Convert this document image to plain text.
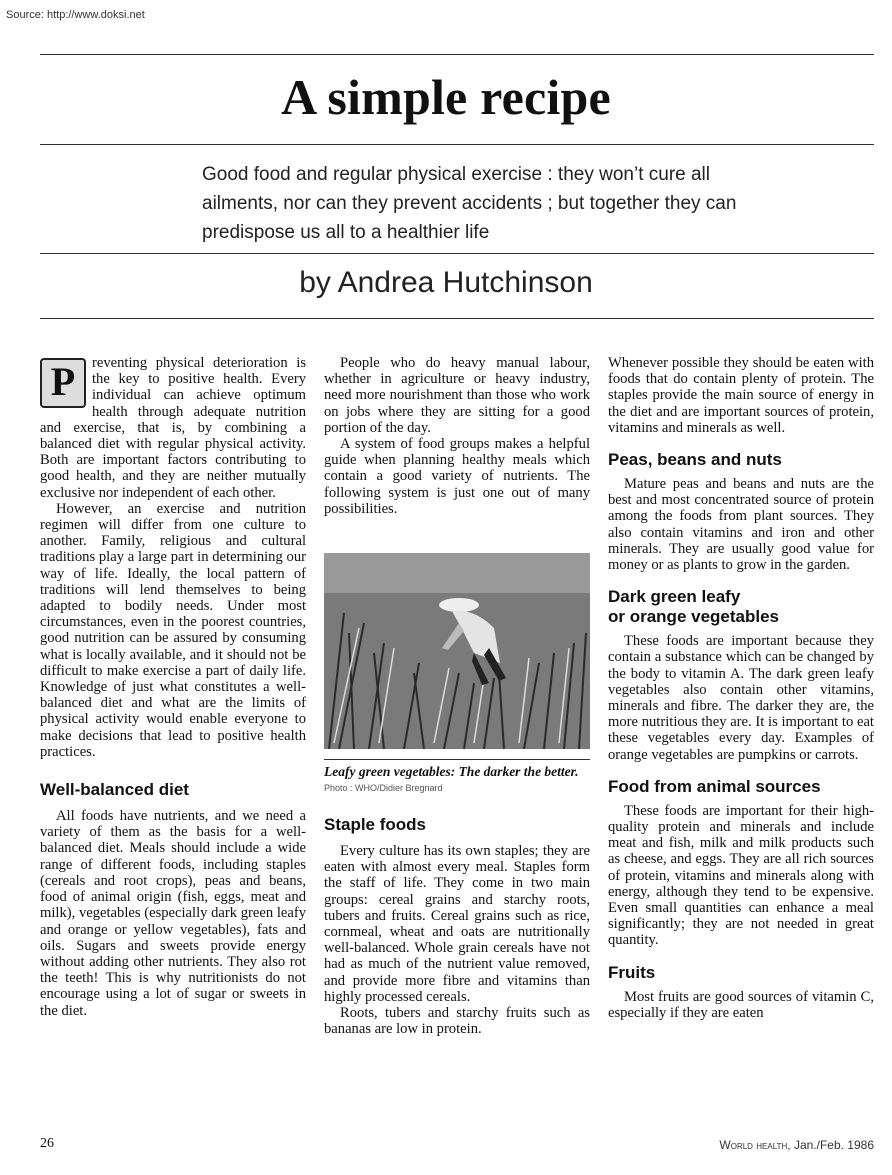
Source: http://www.doksi.net
A simple recipe
Good food and regular physical exercise : they won’t cure all ailments, nor can they prevent accidents ; but together they can predispose us all to a healthier life
by Andrea Hutchinson

P	reventing physical deterioration is the key to positive health. Every individual can achieve optimum health through adequate nutrition and exercise, that is, by combining a balanced diet with regular physical activity. Both are important factors contributing to good health, and they are neither mutually exclusive nor independent of each other.

However, an exercise and nutrition regimen will differ from one culture to another. Family, religious and cultural traditions play a large part in determining our way of life. Ideally, the local pattern of traditions will lend themselves to being adapted to bodily needs. Under most circumstances, even in the poorest countries, good nutrition can be assured by consuming what is locally available, and it should not be difficult to make exercise a part of daily life. Knowledge of just what constitutes a well-balanced diet and what are the limits of physical activity would enable everyone to make decisions that lead to positive health practices.

Well-balanced diet

All foods have nutrients, and we need a variety of them as the basis for a well-balanced diet. Meals should include a wide range of different foods, including staples (cereals and root crops), peas and beans, food of animal origin (fish, eggs, meat and milk), vegetables (especially dark green leafy and orange or yellow vegetables), fats and oils. Sugars and sweets provide energy without adding other nutrients. They also rot the teeth! This is why nutritionists do not encourage using a lot of sugar or sweets in the diet.

People who do heavy manual labour, whether in agriculture or heavy industry, need more nourishment than those who work on jobs where they are sitting for a good portion of the day.

A system of food groups makes a helpful guide when planning healthy meals which contain a good variety of nutrients. The following system is just one out of many possibilities.

Leafy green vegetables: The darker the better.
Photo : WHO/Didier Bregnard
Staple foods

Every culture has its own staples; they are eaten with almost every meal. Staples form the staff of life. They come in two main groups: cereal grains and starchy roots, tubers and fruits. Cereal grains such as rice, cornmeal, wheat and oats are nutritionally well-balanced. Whole grain cereals have not had as much of the nutrient value removed, and provide more fibre and vitamins than highly processed cereals.

Roots, tubers and starchy fruits such as bananas are low in protein.

Whenever possible they should be eaten with foods that do contain plenty of protein. The staples provide the main source of energy in the diet and are important sources of protein, vitamins and minerals as well.

Peas, beans and nuts

Mature peas and beans and nuts are the best and most concentrated source of protein among the foods from plant sources. They also contain vitamins and iron and other minerals. They are usually good value for money or as plants to grow in the garden.

Dark green leafy
or orange vegetables

These foods are important because they contain a substance which can be changed by the body to vitamin A. The dark green leafy vegetables also contain other vitamins, minerals and fibre. The darker they are, the more nutritious they are. It is important to eat these vegetables every day. Examples of orange vegetables are pumpkins or carrots.

Food from animal sources

These foods are important for their high-quality protein and minerals and include meat and fish, milk and milk products such as cheese, and eggs. They are all rich sources of protein, vitamins and minerals along with energy, although they tend to be expensive. Even small quantities can enhance a meal significantly; they are not needed in great quantity.

Fruits

Most fruits are good sources of vitamin C, especially if they are eaten

26	World health, Jan./Feb. 1986
